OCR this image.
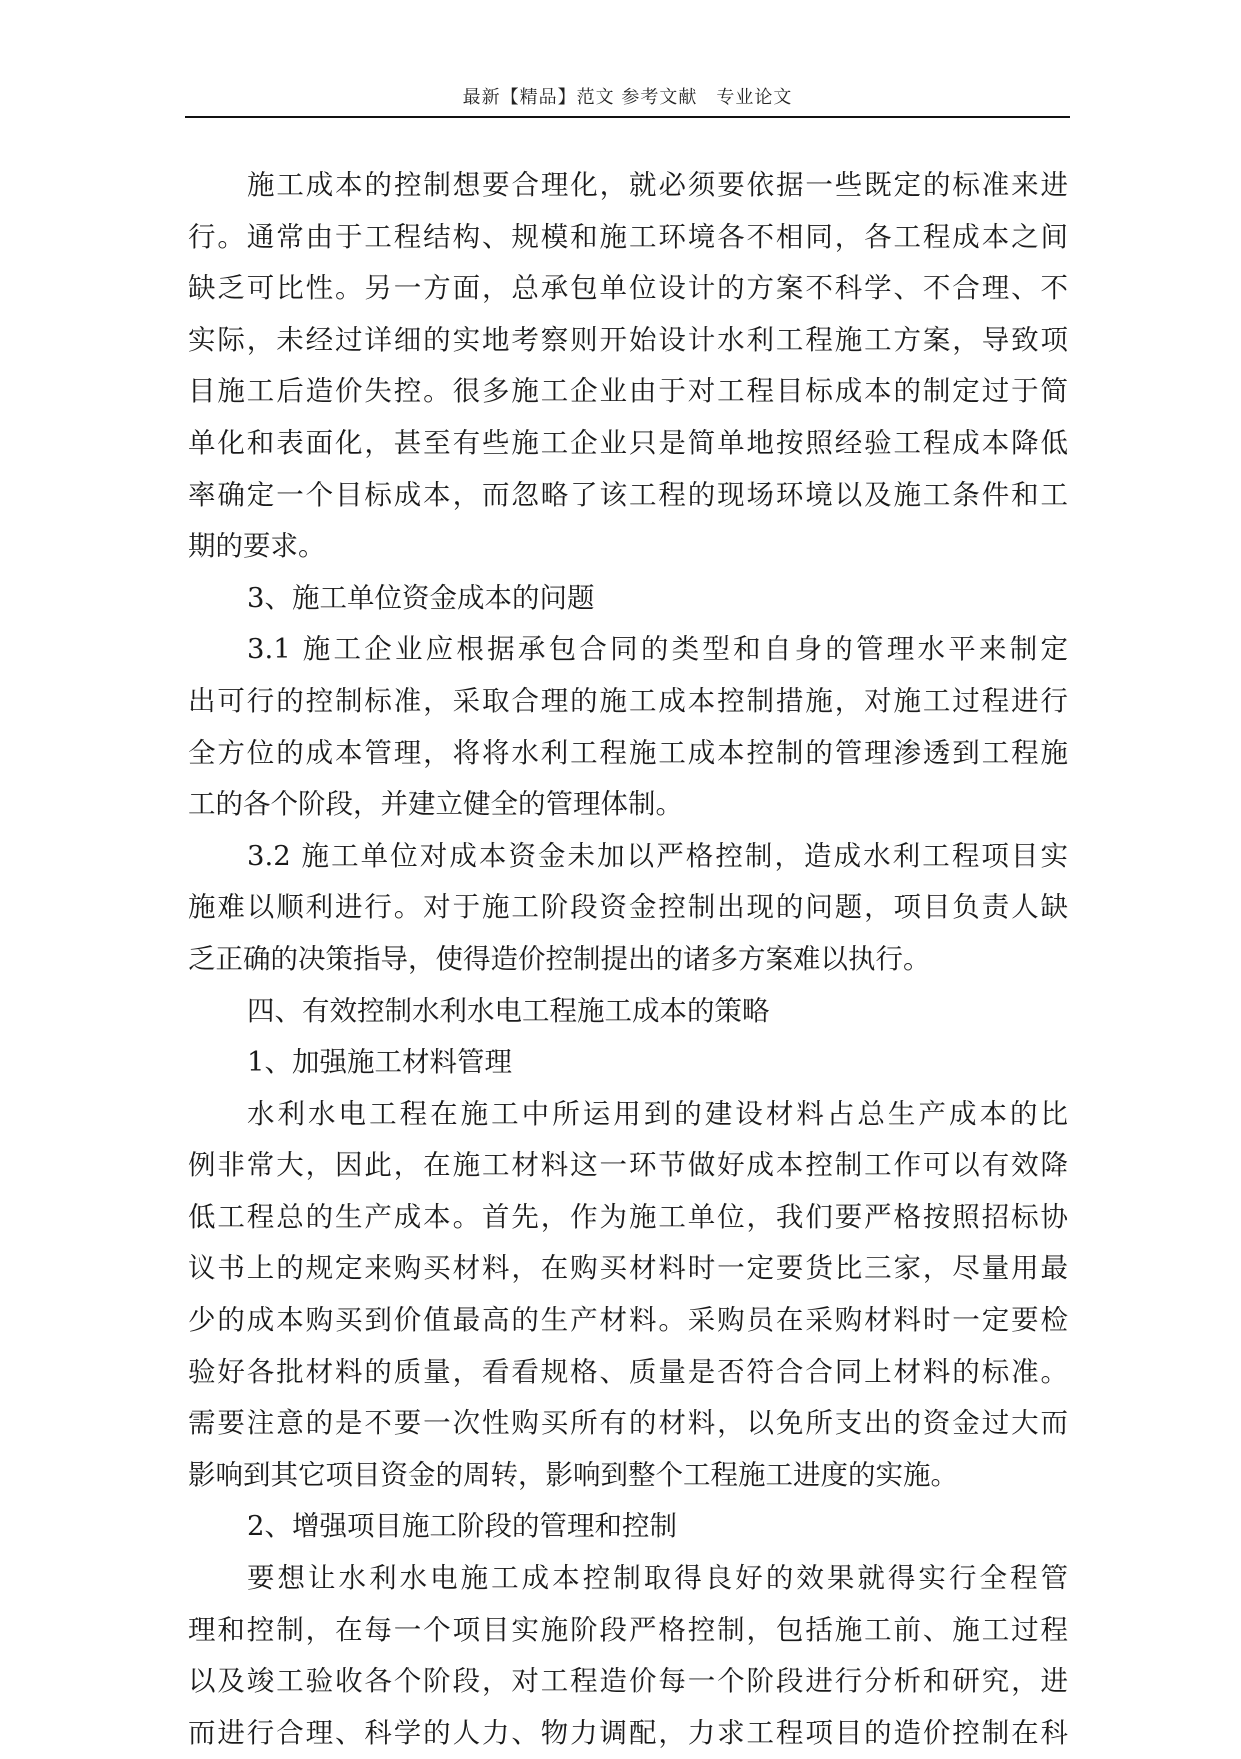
最新【精品】范文 参考文献　专业论文
施工成本的控制想要合理化，就必须要依据一些既定的标准来进
行。通常由于工程结构、规模和施工环境各不相同，各工程成本之间
缺乏可比性。另一方面，总承包单位设计的方案不科学、不合理、不
实际，未经过详细的实地考察则开始设计水利工程施工方案，导致项
目施工后造价失控。很多施工企业由于对工程目标成本的制定过于简
单化和表面化，甚至有些施工企业只是简单地按照经验工程成本降低
率确定一个目标成本，而忽略了该工程的现场环境以及施工条件和工
期的要求。
3、施工单位资金成本的问题
3.1 施工企业应根据承包合同的类型和自身的管理水平来制定
出可行的控制标准，采取合理的施工成本控制措施，对施工过程进行
全方位的成本管理，将将水利工程施工成本控制的管理渗透到工程施
工的各个阶段，并建立健全的管理体制。
3.2 施工单位对成本资金未加以严格控制，造成水利工程项目实
施难以顺利进行。对于施工阶段资金控制出现的问题，项目负责人缺
乏正确的决策指导，使得造价控制提出的诸多方案难以执行。
四、有效控制水利水电工程施工成本的策略
1、加强施工材料管理
水利水电工程在施工中所运用到的建设材料占总生产成本的比
例非常大，因此，在施工材料这一环节做好成本控制工作可以有效降
低工程总的生产成本。首先，作为施工单位，我们要严格按照招标协
议书上的规定来购买材料，在购买材料时一定要货比三家，尽量用最
少的成本购买到价值最高的生产材料。采购员在采购材料时一定要检
验好各批材料的质量，看看规格、质量是否符合合同上材料的标准。
需要注意的是不要一次性购买所有的材料，以免所支出的资金过大而
影响到其它项目资金的周转，影响到整个工程施工进度的实施。
2、增强项目施工阶段的管理和控制
要想让水利水电施工成本控制取得良好的效果就得实行全程管
理和控制，在每一个项目实施阶段严格控制，包括施工前、施工过程
以及竣工验收各个阶段，对工程造价每一个阶段进行分析和研究，进
而进行合理、科学的人力、物力调配，力求工程项目的造价控制在科
